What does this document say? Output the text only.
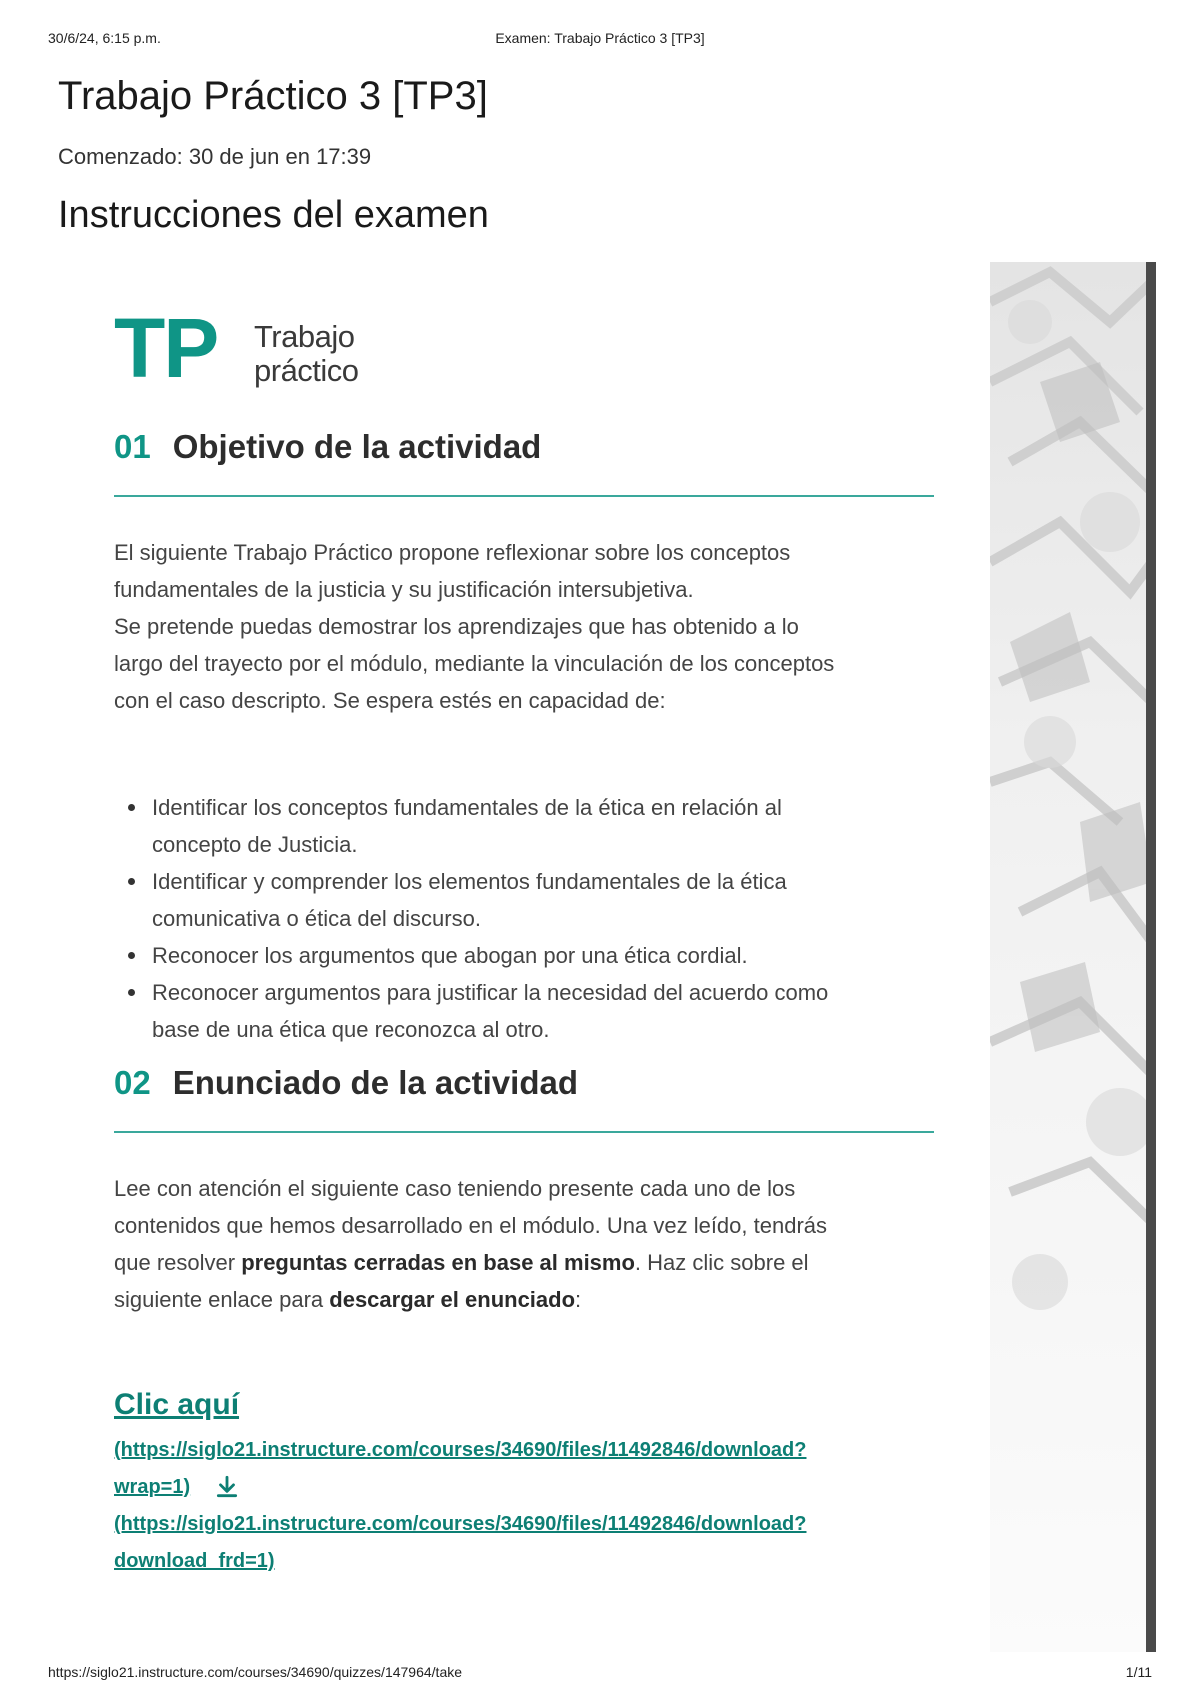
30/6/24, 6:15 p.m.	Examen: Trabajo Práctico 3 [TP3]
Trabajo Práctico 3 [TP3]
Comenzado: 30 de jun en 17:39
Instrucciones del examen
TP Trabajo
práctico
01 Objetivo de la actividad

El siguiente Trabajo Práctico propone reflexionar sobre los conceptos
fundamentales de la justicia y su justificación intersubjetiva.
Se pretende puedas demostrar los aprendizajes que has obtenido a lo
largo del trayecto por el módulo, mediante la vinculación de los conceptos
con el caso descripto. Se espera estés en capacidad de:

Identificar los conceptos fundamentales de la ética en relación al
concepto de Justicia.
Identificar y comprender los elementos fundamentales de la ética
comunicativa o ética del discurso.
Reconocer los argumentos que abogan por una ética cordial.
Reconocer argumentos para justificar la necesidad del acuerdo como
base de una ética que reconozca al otro.
02 Enunciado de la actividad

Lee con atención el siguiente caso teniendo presente cada uno de los
contenidos que hemos desarrollado en el módulo. Una vez leído, tendrás
que resolver preguntas cerradas en base al mismo. Haz clic sobre el
siguiente enlace para descargar el enunciado:

Clic aquí
(https://siglo21.instructure.com/courses/34690/files/11492846/download?
wrap=1)
(https://siglo21.instructure.com/courses/34690/files/11492846/download?
download_frd=1)
https://siglo21.instructure.com/courses/34690/quizzes/147964/take	1/11
